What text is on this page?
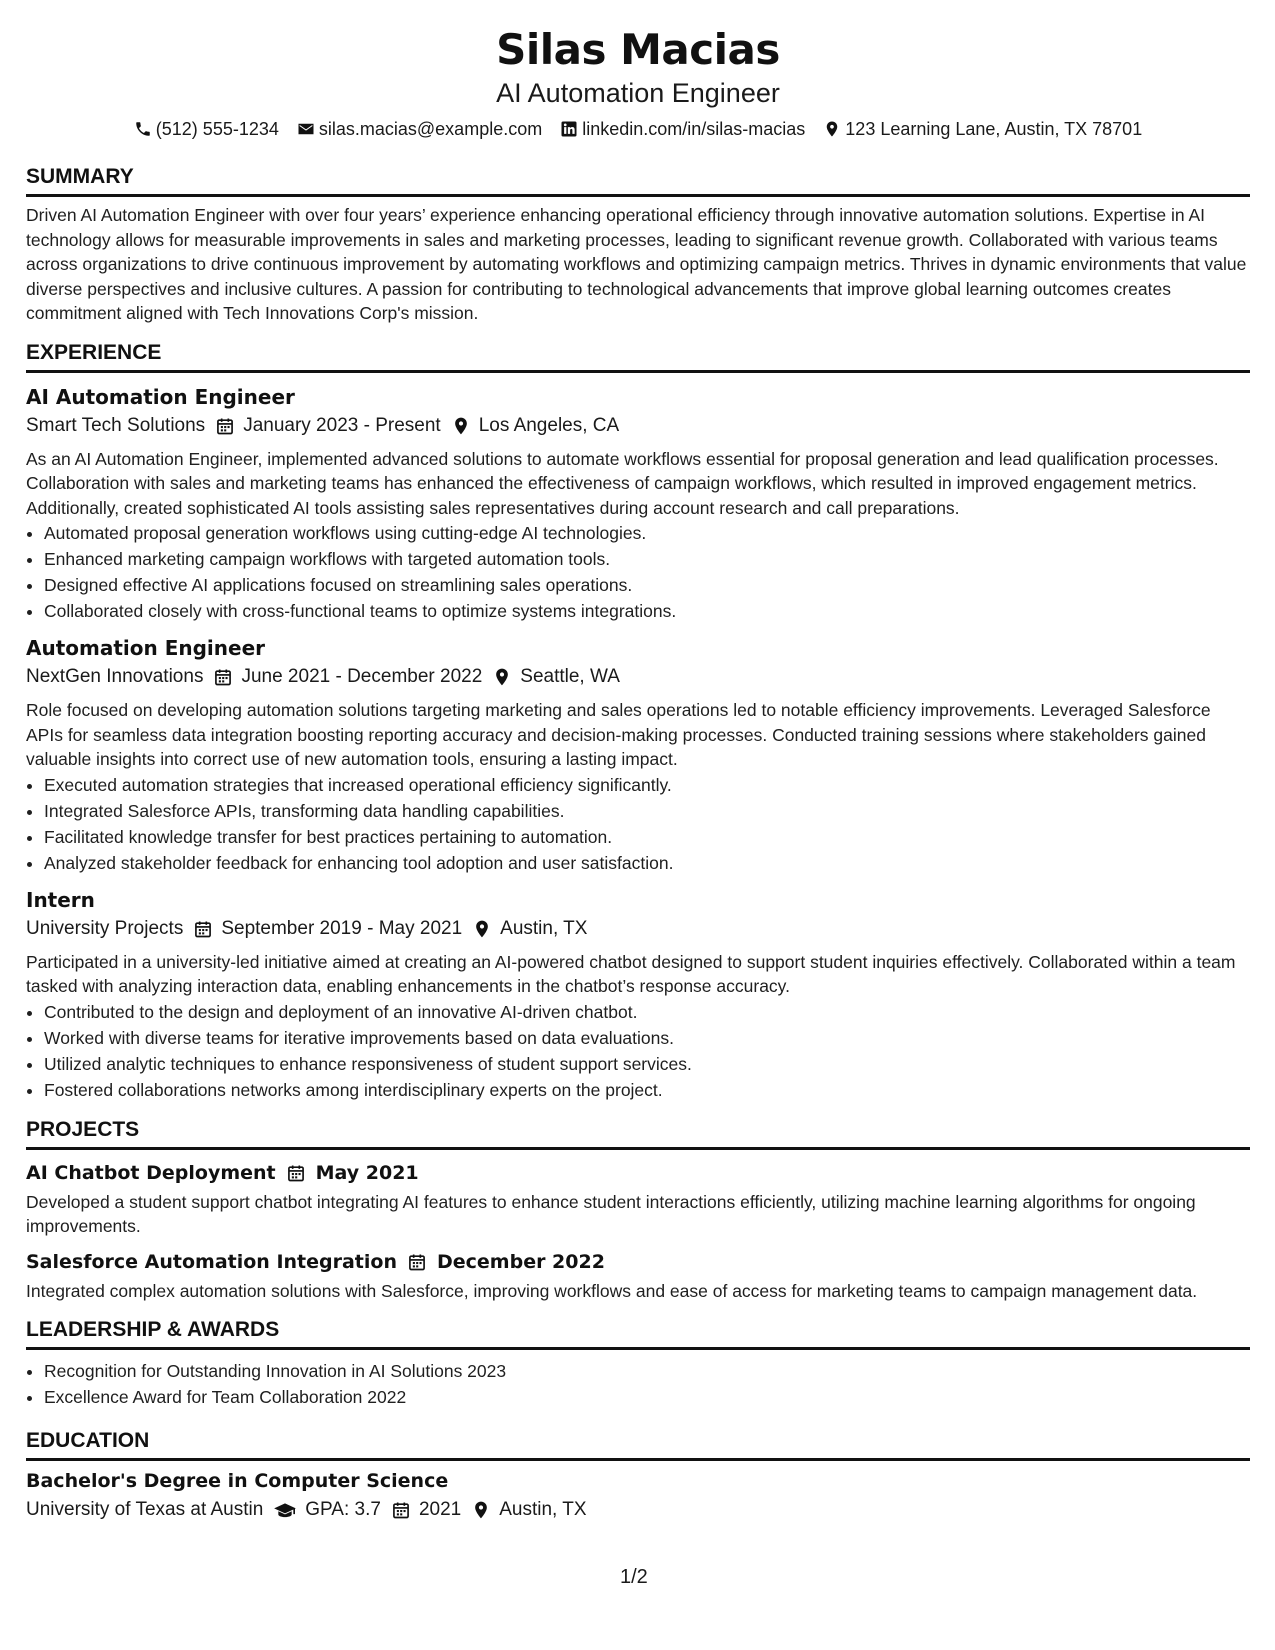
Silas Macias
AI Automation Engineer
(512) 555-1234 silas.macias@example.com linkedin.com/in/silas-macias 123 Learning Lane, Austin, TX 78701
SUMMARY
Driven AI Automation Engineer with over four years’ experience enhancing operational efficiency through innovative automation solutions. Expertise in AI technology allows for measurable improvements in sales and marketing processes, leading to significant revenue growth. Collaborated with various teams across organizations to drive continuous improvement by automating workflows and optimizing campaign metrics. Thrives in dynamic environments that value diverse perspectives and inclusive cultures. A passion for contributing to technological advancements that improve global learning outcomes creates commitment aligned with Tech Innovations Corp's mission.
EXPERIENCE
AI Automation Engineer
Smart Tech Solutions January 2023 - Present Los Angeles, CA
As an AI Automation Engineer, implemented advanced solutions to automate workflows essential for proposal generation and lead qualification processes. Collaboration with sales and marketing teams has enhanced the effectiveness of campaign workflows, which resulted in improved engagement metrics. Additionally, created sophisticated AI tools assisting sales representatives during account research and call preparations.
• Automated proposal generation workflows using cutting-edge AI technologies.
• Enhanced marketing campaign workflows with targeted automation tools.
• Designed effective AI applications focused on streamlining sales operations.
• Collaborated closely with cross-functional teams to optimize systems integrations.
Automation Engineer
NextGen Innovations June 2021 - December 2022 Seattle, WA
Role focused on developing automation solutions targeting marketing and sales operations led to notable efficiency improvements. Leveraged Salesforce APIs for seamless data integration boosting reporting accuracy and decision-making processes. Conducted training sessions where stakeholders gained valuable insights into correct use of new automation tools, ensuring a lasting impact.
• Executed automation strategies that increased operational efficiency significantly.
• Integrated Salesforce APIs, transforming data handling capabilities.
• Facilitated knowledge transfer for best practices pertaining to automation.
• Analyzed stakeholder feedback for enhancing tool adoption and user satisfaction.
Intern
University Projects September 2019 - May 2021 Austin, TX
Participated in a university-led initiative aimed at creating an AI-powered chatbot designed to support student inquiries effectively. Collaborated within a team tasked with analyzing interaction data, enabling enhancements in the chatbot’s response accuracy.
• Contributed to the design and deployment of an innovative AI-driven chatbot.
• Worked with diverse teams for iterative improvements based on data evaluations.
• Utilized analytic techniques to enhance responsiveness of student support services.
• Fostered collaborations networks among interdisciplinary experts on the project.
PROJECTS
AI Chatbot Deployment May 2021
Developed a student support chatbot integrating AI features to enhance student interactions efficiently, utilizing machine learning algorithms for ongoing improvements.
Salesforce Automation Integration December 2022
Integrated complex automation solutions with Salesforce, improving workflows and ease of access for marketing teams to campaign management data.
LEADERSHIP & AWARDS
• Recognition for Outstanding Innovation in AI Solutions 2023
• Excellence Award for Team Collaboration 2022
EDUCATION
Bachelor's Degree in Computer Science
University of Texas at Austin GPA: 3.7 2021 Austin, TX
1/2
